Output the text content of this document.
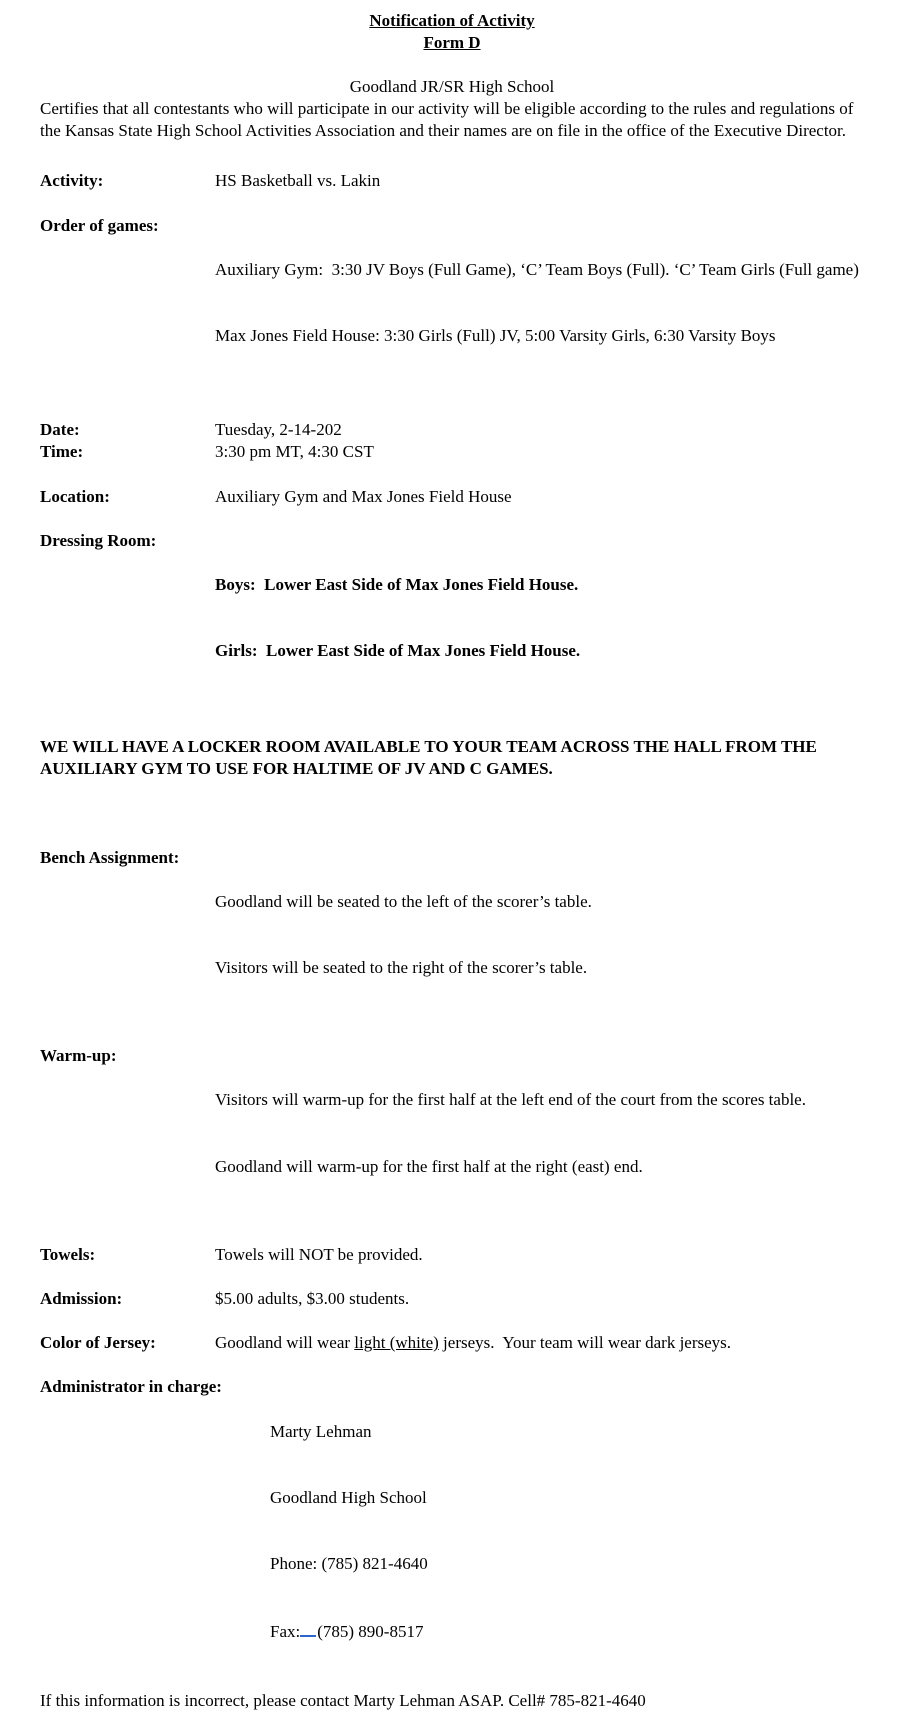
Notification of Activity
Form D
Goodland JR/SR High School

Certifies that all contestants who will participate in our activity will be eligible according to the rules and regulations of the Kansas State High School Activities Association and their names are on file in the office of the Executive Director.

Activity:	HS Basketball vs. Lakin
Order of games:

Auxiliary Gym:  3:30 JV Boys (Full Game), ‘C’ Team Boys (Full). ‘C’ Team Girls (Full game)

Max Jones Field House: 3:30 Girls (Full) JV, 5:00 Varsity Girls, 6:30 Varsity Boys

Date:	Tuesday, 2-14-202
Time:	3:30 pm MT, 4:30 CST
Location:	Auxiliary Gym and Max Jones Field House
Dressing Room:

Boys:  Lower East Side of Max Jones Field House.

Girls:  Lower East Side of Max Jones Field House.

WE WILL HAVE A LOCKER ROOM AVAILABLE TO YOUR TEAM ACROSS THE HALL FROM THE AUXILIARY GYM TO USE FOR HALTIME OF JV AND C GAMES.

Bench Assignment:

Goodland will be seated to the left of the scorer’s table.

Visitors will be seated to the right of the scorer’s table.

Warm-up:

Visitors will warm-up for the first half at the left end of the court from the scores table.

Goodland will warm-up for the first half at the right (east) end.

Towels:	Towels will NOT be provided.
Admission:	$5.00 adults, $3.00 students.
Color of Jersey:	Goodland will wear light (white) jerseys.  Your team will wear dark jerseys.
Administrator in charge:

Marty Lehman

Goodland High School

Phone: (785) 821-4640

Fax: (785) 890-8517

If this information is incorrect, please contact Marty Lehman ASAP. Cell# 785-821-4640
